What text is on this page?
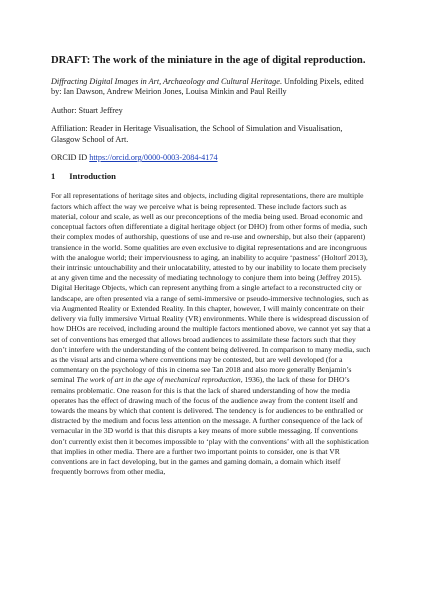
DRAFT: The work of the miniature in the age of digital reproduction.

Diffracting Digital Images in Art, Archaeology and Cultural Heritage. Unfolding Pixels, edited by: Ian Dawson, Andrew Meirion Jones, Louisa Minkin and Paul Reilly

Author: Stuart Jeffrey

Affiliation: Reader in Heritage Visualisation, the School of Simulation and Visualisation, Glasgow School of Art.

ORCID ID https://orcid.org/0000-0003-2084-4174

1 Introduction

For all representations of heritage sites and objects, including digital representations, there are multiple factors which affect the way we perceive what is being represented. These include factors such as material, colour and scale, as well as our preconceptions of the media being used. Broad economic and conceptual factors often differentiate a digital heritage object (or DHO) from other forms of media, such their complex modes of authorship, questions of use and re-use and ownership, but also their (apparent) transience in the world. Some qualities are even exclusive to digital representations and are incongruous with the analogue world; their imperviousness to aging, an inability to acquire ‘pastness’ (Holtorf 2013), their intrinsic untouchability and their unlocatability, attested to by our inability to locate them precisely at any given time and the necessity of mediating technology to conjure them into being (Jeffrey 2015). Digital Heritage Objects, which can represent anything from a single artefact to a reconstructed city or landscape, are often presented via a range of semi-immersive or pseudo-immersive technologies, such as via Augmented Reality or Extended Reality. In this chapter, however, I will mainly concentrate on their delivery via fully immersive Virtual Reality (VR) environments. While there is widespread discussion of how DHOs are received, including around the multiple factors mentioned above, we cannot yet say that a set of conventions has emerged that allows broad audiences to assimilate these factors such that they don’t interfere with the understanding of the content being delivered. In comparison to many media, such as the visual arts and cinema where conventions may be contested, but are well developed (for a commentary on the psychology of this in cinema see Tan 2018 and also more generally Benjamin’s seminal The work of art in the age of mechanical reproduction, 1936), the lack of these for DHO’s remains problematic. One reason for this is that the lack of shared understanding of how the media operates has the effect of drawing much of the focus of the audience away from the content itself and towards the means by which that content is delivered. The tendency is for audiences to be enthralled or distracted by the medium and focus less attention on the message. A further consequence of the lack of vernacular in the 3D world is that this disrupts a key means of more subtle messaging. If conventions don’t currently exist then it becomes impossible to ‘play with the conventions’ with all the sophistication that implies in other media. There are a further two important points to consider, one is that VR conventions are in fact developing, but in the games and gaming domain, a domain which itself frequently borrows from other media,
